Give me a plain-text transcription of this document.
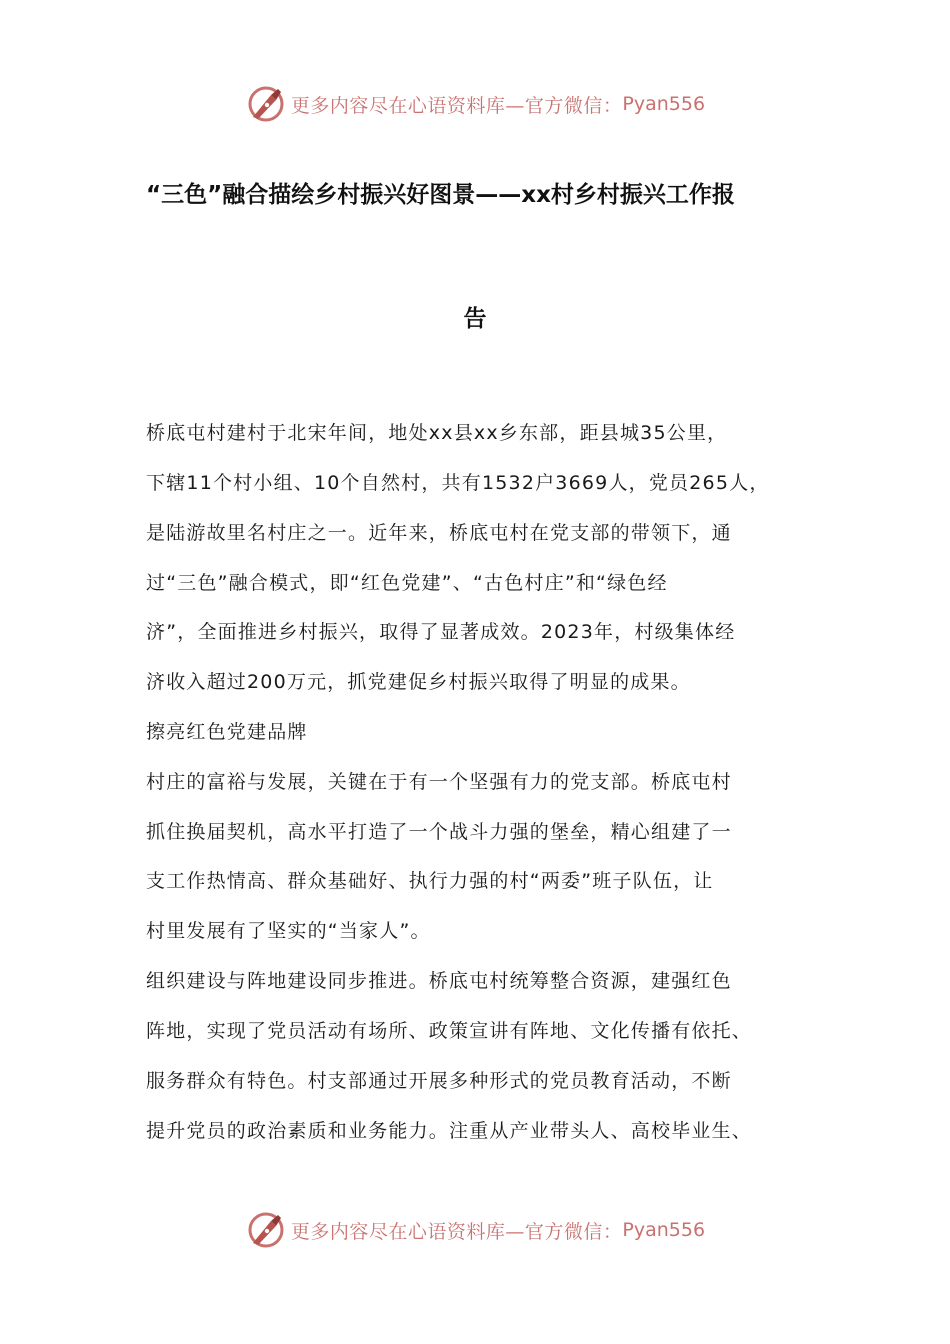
更多内容尽在心语资料库—官方微信： Pyan556
“三色”融合描绘乡村振兴好图景——xx村乡村振兴工作报
告
桥底屯村建村于北宋年间，地处xx县xx乡东部，距县城35公里，
下辖11个村小组、10个自然村，共有1532户3669人，党员265人，
是陆游故里名村庄之一。近年来，桥底屯村在党支部的带领下，通
过“三色”融合模式，即“红色党建”、“古色村庄”和“绿色经
济”，全面推进乡村振兴，取得了显著成效。2023年，村级集体经
济收入超过200万元，抓党建促乡村振兴取得了明显的成果。
擦亮红色党建品牌
村庄的富裕与发展，关键在于有一个坚强有力的党支部。桥底屯村
抓住换届契机，高水平打造了一个战斗力强的堡垒，精心组建了一
支工作热情高、群众基础好、执行力强的村“两委”班子队伍，让
村里发展有了坚实的“当家人”。
组织建设与阵地建设同步推进。桥底屯村统筹整合资源，建强红色
阵地，实现了党员活动有场所、政策宣讲有阵地、文化传播有依托、
服务群众有特色。村支部通过开展多种形式的党员教育活动，不断
提升党员的政治素质和业务能力。注重从产业带头人、高校毕业生、
更多内容尽在心语资料库—官方微信： Pyan556
